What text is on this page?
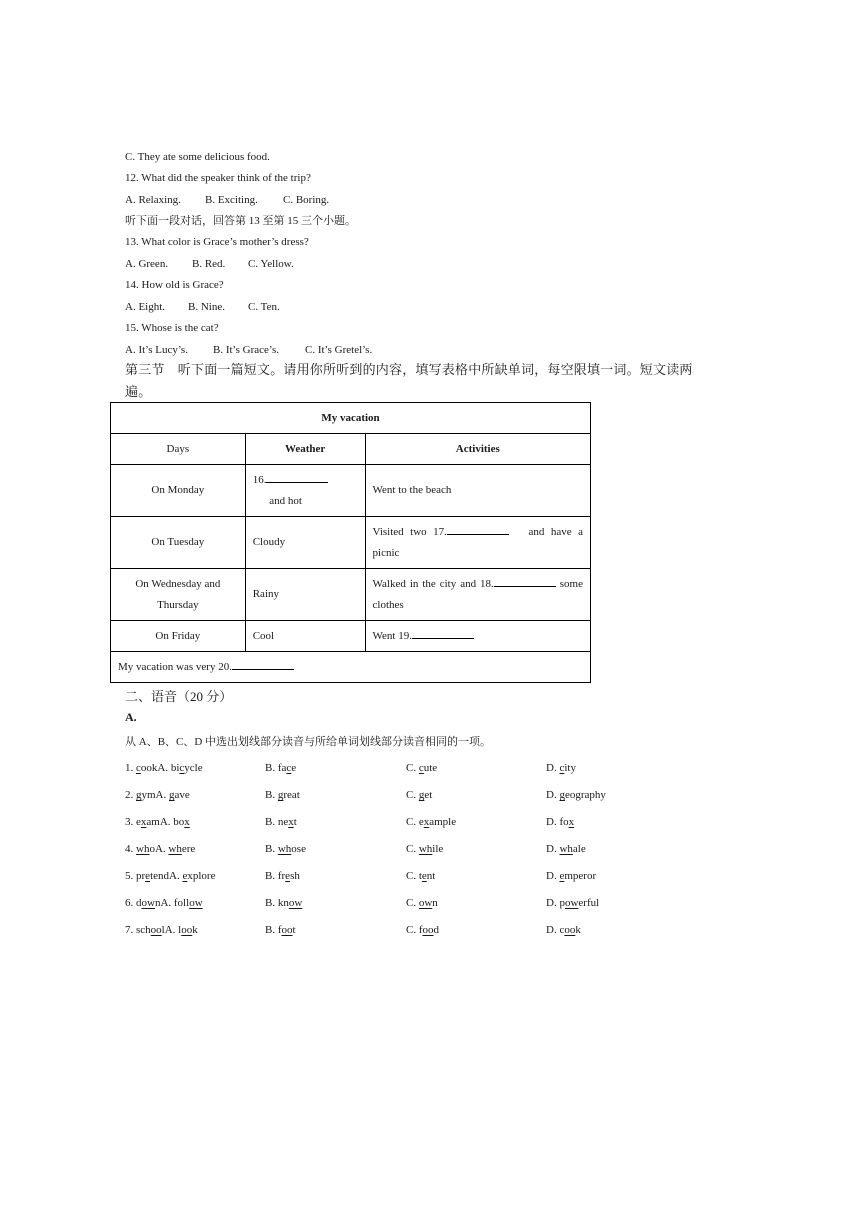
C. They ate some delicious food.
12. What did the speaker think of the trip?
A. Relaxing. B. Exciting. C. Boring.
听下面一段对话，回答第 13 至第 15 三个小题。
13. What color is Grace’s mother’s dress?
A. Green. B. Red. C. Yellow.
14. How old is Grace?
A. Eight. B. Nine. C. Ten.
15. Whose is the cat?
A. It’s Lucy’s. B. It’s Grace’s. C. It’s Gretel’s.
第三节　听下面一篇短文。请用你所听到的内容，填写表格中所缺单词，每空限填一词。短文读两遍。
My vacation		
Days	Weather	Activities
On Monday	16.      and hot	Went to the beach
On Tuesday	Cloudy	Visited two 17. and have a picnic
On Wednesday and Thursday	Rainy	Walked in the city and 18. some clothes
On Friday	Cool	Went 19.
My vacation was very 20.		
二、语音（20 分）
A.
从 A、B、C、D 中选出划线部分读音与所给单词划线部分读音相同的一项。
1. cookA. bicycle	B. face	C. cute	D. city
2. gymA. gave	B. great	C. get	D. geography
3. examA. box	B. next	C. example	D. fox
4. whoA. where	B. whose	C. while	D. whale
5. pretendA. explore	B. fresh	C. tent	D. emperor
6. downA. follow	B. know	C. own	D. powerful
7. schoolA. look	B. foot	C. food	D. cook
